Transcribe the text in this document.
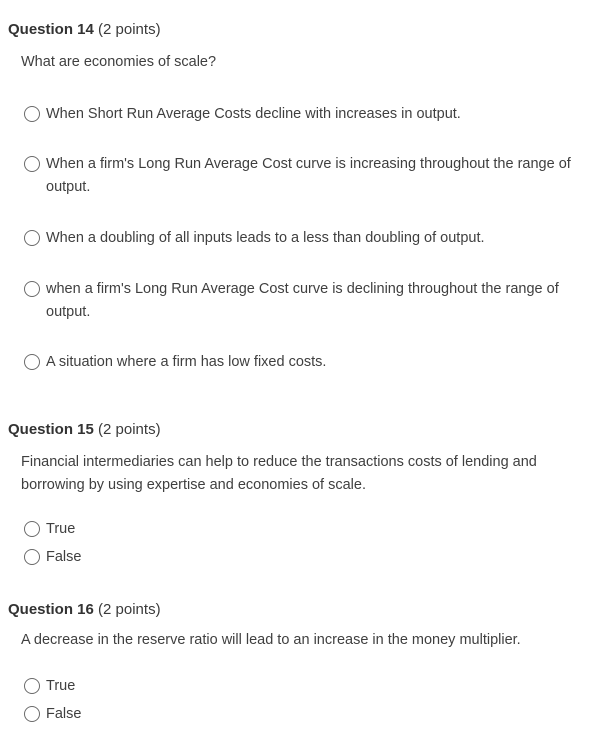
Question 14 (2 points)
What are economies of scale?
When Short Run Average Costs decline with increases in output.
When a firm's Long Run Average Cost curve is increasing throughout the range of output.
When a doubling of all inputs leads to a less than doubling of output.
when a firm's Long Run Average Cost curve is declining throughout the range of output.
A situation where a firm has low fixed costs.
Question 15 (2 points)
Financial intermediaries can help to reduce the transactions costs of lending and borrowing by using expertise and economies of scale.
True
False
Question 16 (2 points)
A decrease in the reserve ratio will lead to an increase in the money multiplier.
True
False
